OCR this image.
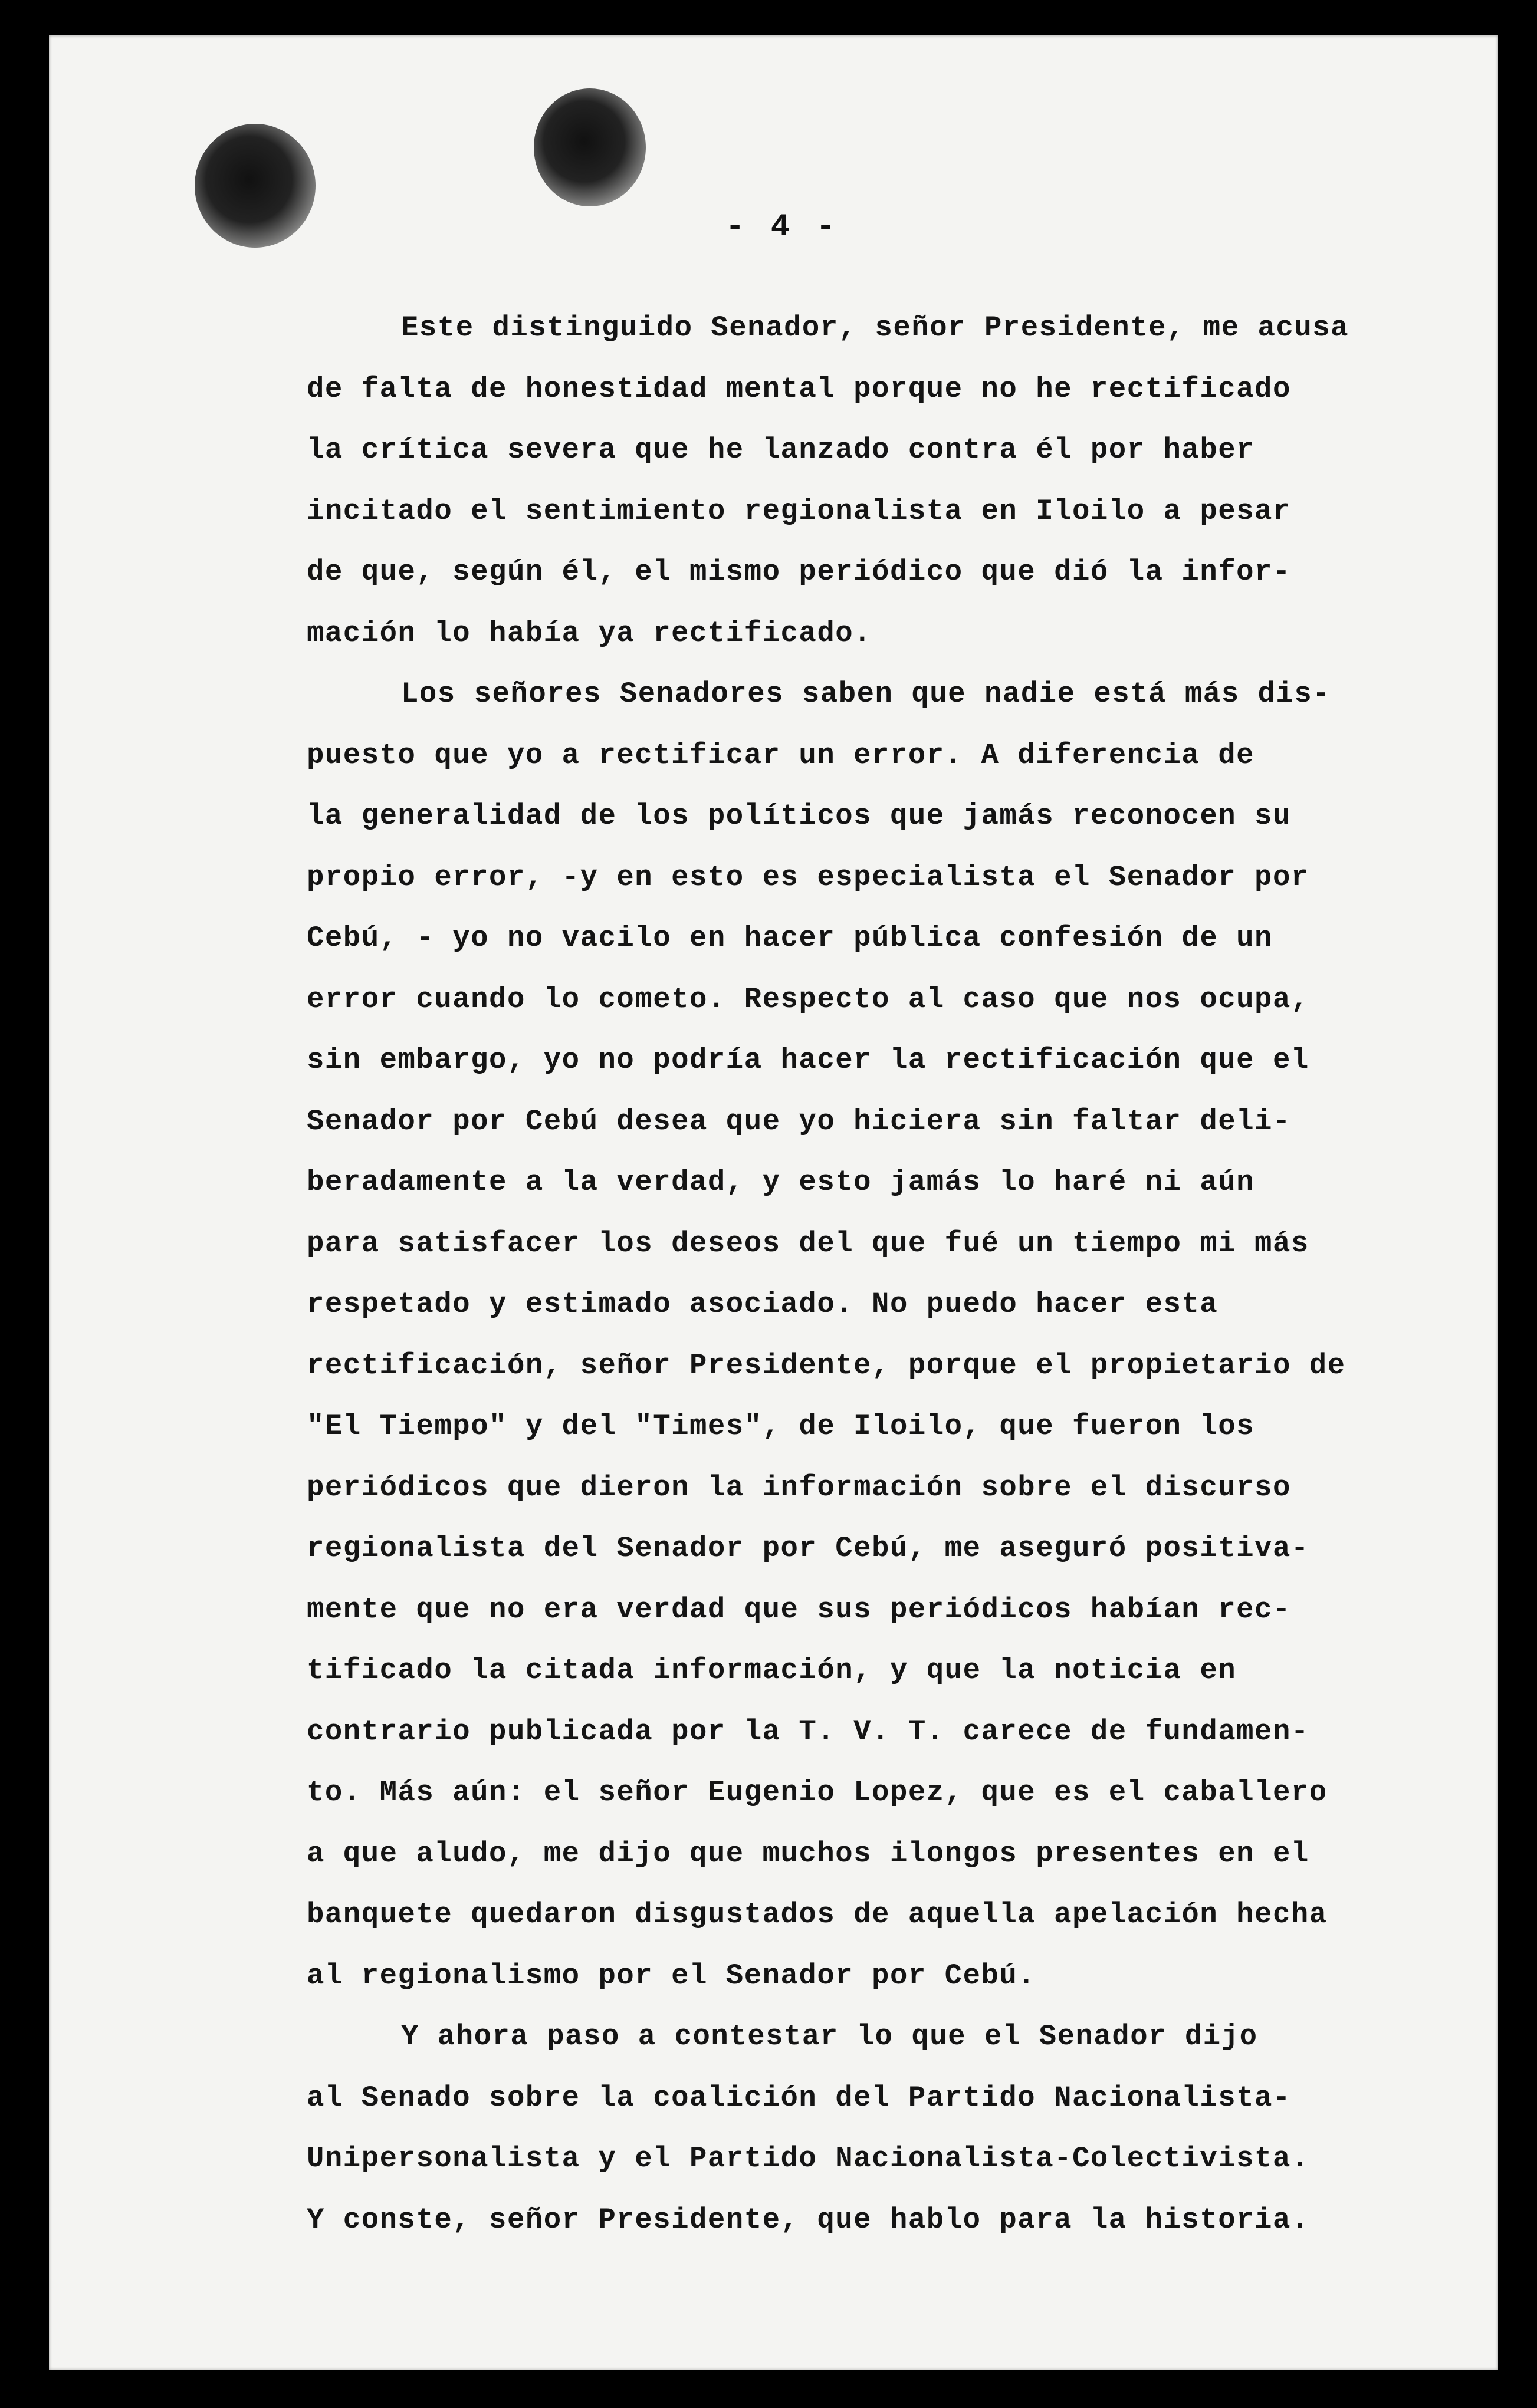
- 4 -
Este distinguido Senador, señor Presidente, me acusa
de falta de honestidad mental porque no he rectificado
la crítica severa que he lanzado contra él por haber
incitado el sentimiento regionalista en Iloilo a pesar
de que, según él, el mismo periódico que dió la infor-
mación lo había ya rectificado.
Los señores Senadores saben que nadie está más dis-
puesto que yo a rectificar un error. A diferencia de
la generalidad de los políticos que jamás reconocen su
propio error, -y en esto es especialista el Senador por
Cebú, - yo no vacilo en hacer pública confesión de un
error cuando lo cometo. Respecto al caso que nos ocupa,
sin embargo, yo no podría hacer la rectificación que el
Senador por Cebú desea que yo hiciera sin faltar deli-
beradamente a la verdad, y esto jamás lo haré ni aún
para satisfacer los deseos del que fué un tiempo mi más
respetado y estimado asociado. No puedo hacer esta
rectificación, señor Presidente, porque el propietario de
"El Tiempo" y del "Times", de Iloilo, que fueron los
periódicos que dieron la información sobre el discurso
regionalista del Senador por Cebú, me aseguró positiva-
mente que no era verdad que sus periódicos habían rec-
tificado la citada información, y que la noticia en
contrario publicada por la T. V. T. carece de fundamen-
to. Más aún: el señor Eugenio Lopez, que es el caballero
a que aludo, me dijo que muchos ilongos presentes en el
banquete quedaron disgustados de aquella apelación hecha
al regionalismo por el Senador por Cebú.
Y ahora paso a contestar lo que el Senador dijo
al Senado sobre la coalición del Partido Nacionalista-
Unipersonalista y el Partido Nacionalista-Colectivista.
Y conste, señor Presidente, que hablo para la historia.
